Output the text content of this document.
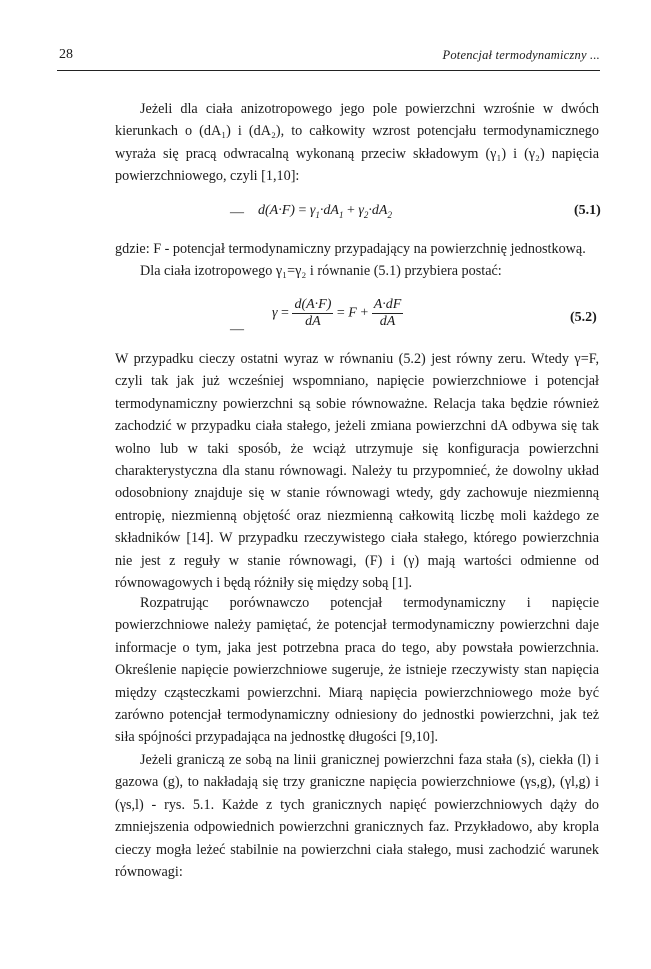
28	Potencjał termodynamiczny ...

Jeżeli dla ciała anizotropowego jego pole powierzchni wzrośnie w dwóch kierunkach o (dA₁) i (dA₂), to całkowity wzrost potencjału termodynamicznego wyraża się pracą odwracalną wykonaną przeciw składowym (γ₁) i (γ₂) napięcia powierzchniowego, czyli [1,10]:

— $d(A\cdot F) = \gamma_1\cdot dA_1 + \gamma_2\cdot dA_2$	(5.1)

gdzie: F - potencjał termodynamiczny przypadający na powierzchnię jednostkową.

Dla ciała izotropowego γ₁=γ₂ i równanie (5.1) przybiera postać:

—
$\gamma = \frac{d(A\cdot F)}{dA} = F + \frac{A\cdot dF}{dA}$	(5.2)

W przypadku cieczy ostatni wyraz w równaniu (5.2) jest równy zeru. Wtedy γ=F, czyli tak jak już wcześniej wspomniano, napięcie powierzchniowe i potencjał termodynamiczny powierzchni są sobie równoważne. Relacja taka będzie również zachodzić w przypadku ciała stałego, jeżeli zmiana powierzchni dA odbywa się tak wolno lub w taki sposób, że wciąż utrzymuje się konfiguracja powierzchni charakterystyczna dla stanu równowagi. Należy tu przypomnieć, że dowolny układ odosobniony znajduje się w stanie równowagi wtedy, gdy zachowuje niezmienną entropię, niezmienną objętość oraz niezmienną całkowitą liczbę moli każdego ze składników [14]. W przypadku rzeczywistego ciała stałego, którego powierzchnia nie jest z reguły w stanie równowagi, (F) i (γ) mają wartości odmienne od równowagowych i będą różniły się między sobą [1].

Rozpatrując porównawczo potencjał termodynamiczny i napięcie powierzchniowe należy pamiętać, że potencjał termodynamiczny powierzchni daje informacje o tym, jaka jest potrzebna praca do tego, aby powstała powierzchnia. Określenie napięcie powierzchniowe sugeruje, że istnieje rzeczywisty stan napięcia między cząsteczkami powierzchni. Miarą napięcia powierzchniowego może być zarówno potencjał termodynamiczny odniesiony do jednostki powierzchni, jak też siła spójności przypadająca na jednostkę długości [9,10].

Jeżeli graniczą ze sobą na linii granicznej powierzchni faza stała (s), ciekła (l) i gazowa (g), to nakładają się trzy graniczne napięcia powierzchniowe (γs,g), (γl,g) i (γs,l) - rys. 5.1. Każde z tych granicznych napięć powierzchniowych dąży do zmniejszenia odpowiednich powierzchni granicznych faz. Przykładowo, aby kropla cieczy mogła leżeć stabilnie na powierzchni ciała stałego, musi zachodzić warunek równowagi:
